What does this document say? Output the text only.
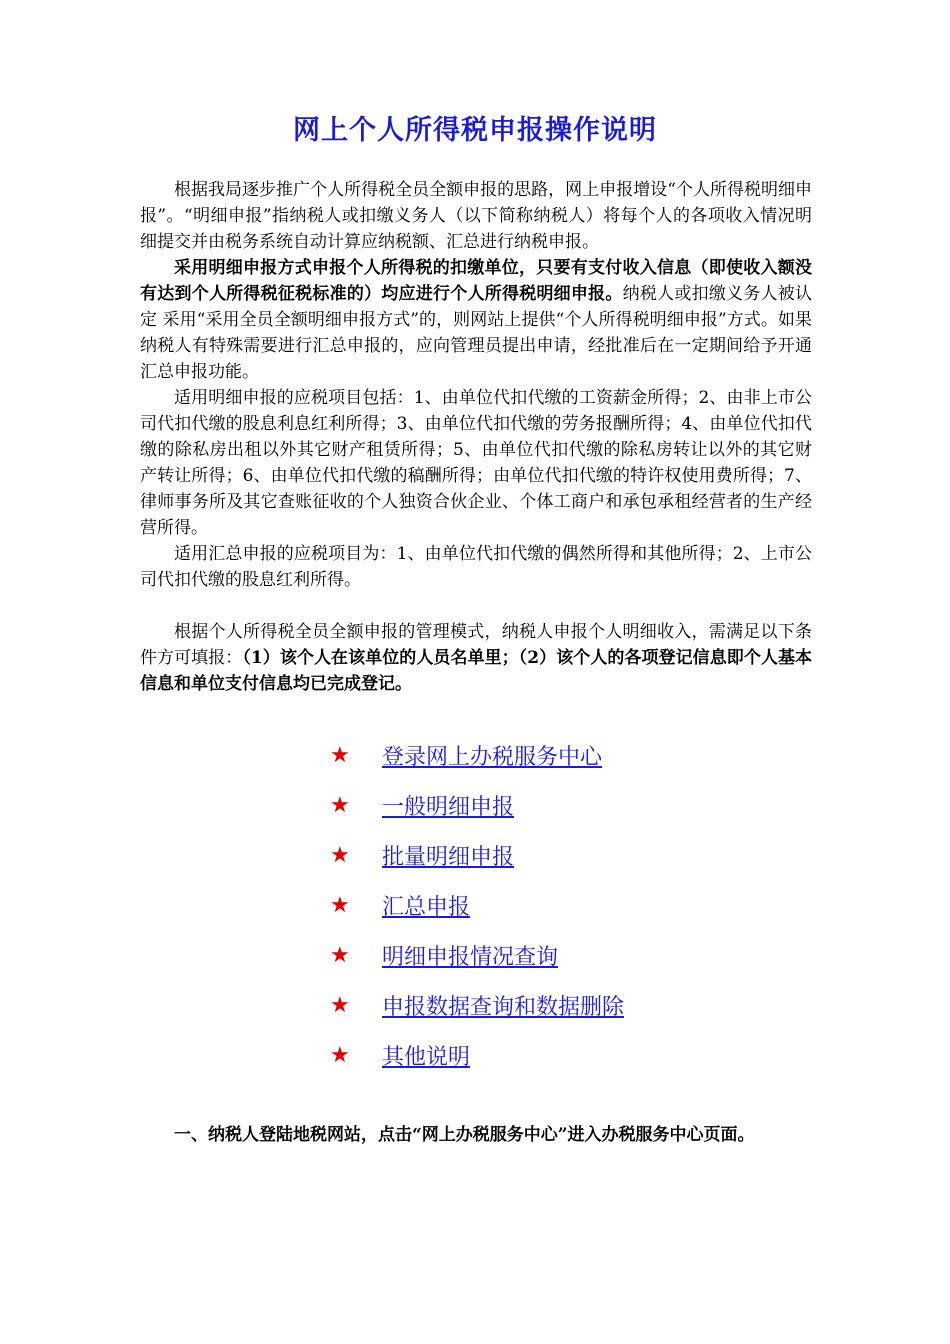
网上个人所得税申报操作说明

根据我局逐步推广个人所得税全员全额申报的思路，网上申报增设“个人所得税明细申报”。“明细申报”指纳税人或扣缴义务人（以下简称纳税人）将每个人的各项收入情况明细提交并由税务系统自动计算应纳税额、汇总进行纳税申报。

采用明细申报方式申报个人所得税的扣缴单位，只要有支付收入信息（即使收入额没有达到个人所得税征税标准的）均应进行个人所得税明细申报。纳税人或扣缴义务人被认定 采用“采用全员全额明细申报方式”的，则网站上提供“个人所得税明细申报”方式。如果纳税人有特殊需要进行汇总申报的，应向管理员提出申请，经批准后在一定期间给予开通汇总申报功能。

适用明细申报的应税项目包括：1、由单位代扣代缴的工资薪金所得；2、由非上市公司代扣代缴的股息利息红利所得；3、由单位代扣代缴的劳务报酬所得；4、由单位代扣代缴的除私房出租以外其它财产租赁所得；5、由单位代扣代缴的除私房转让以外的其它财产转让所得；6、由单位代扣代缴的稿酬所得；由单位代扣代缴的特许权使用费所得；7、律师事务所及其它查账征收的个人独资合伙企业、个体工商户和承包承租经营者的生产经营所得。

适用汇总申报的应税项目为：1、由单位代扣代缴的偶然所得和其他所得；2、上市公司代扣代缴的股息红利所得。

根据个人所得税全员全额申报的管理模式，纳税人申报个人明细收入，需满足以下条件方可填报：（1）该个人在该单位的人员名单里；（2）该个人的各项登记信息即个人基本信息和单位支付信息均已完成登记。

★	登录网上办税服务中心
★	一般明细申报
★	批量明细申报
★	汇总申报
★	明细申报情况查询
★	申报数据查询和数据删除
★	其他说明

一、纳税人登陆地税网站，点击“网上办税服务中心”进入办税服务中心页面。
